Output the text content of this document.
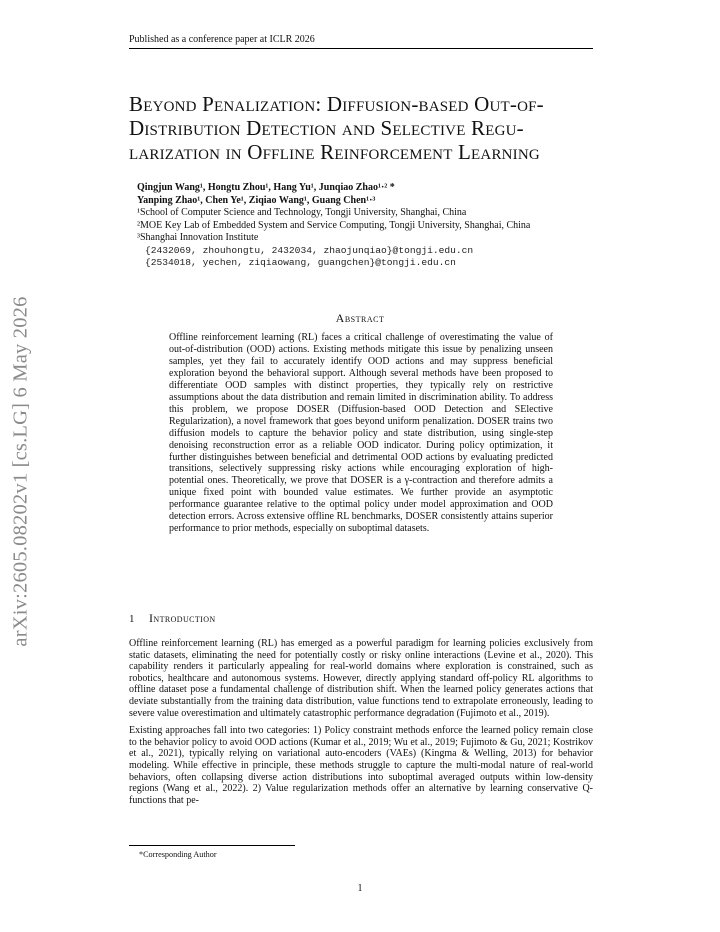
Published as a conference paper at ICLR 2026
arXiv:2605.08202v1 [cs.LG] 6 May 2026
Beyond Penalization: Diffusion-based Out-of-
Distribution Detection and Selective Regu-
larization in Offline Reinforcement Learning
Qingjun Wang¹, Hongtu Zhou¹, Hang Yu¹, Junqiao Zhao¹·² *
Yanping Zhao¹, Chen Ye¹, Ziqiao Wang¹, Guang Chen¹·³
¹School of Computer Science and Technology, Tongji University, Shanghai, China
²MOE Key Lab of Embedded System and Service Computing, Tongji University, Shanghai, China
³Shanghai Innovation Institute
{2432069, zhouhongtu, 2432034, zhaojunqiao}@tongji.edu.cn
{2534018, yechen, ziqiaowang, guangchen}@tongji.edu.cn
Abstract
Offline reinforcement learning (RL) faces a critical challenge of overestimating the value of out-of-distribution (OOD) actions. Existing methods mitigate this issue by penalizing unseen samples, yet they fail to accurately identify OOD actions and may suppress beneficial exploration beyond the behavioral support. Although several methods have been proposed to differentiate OOD samples with distinct properties, they typically rely on restrictive assumptions about the data distribution and remain limited in discrimination ability. To address this problem, we propose DOSER (Diffusion-based OOD Detection and SElective Regularization), a novel framework that goes beyond uniform penalization. DOSER trains two diffusion models to capture the behavior policy and state distribution, using single-step denoising reconstruction error as a reliable OOD indicator. During policy optimization, it further distinguishes between beneficial and detrimental OOD actions by evaluating predicted transitions, selectively suppressing risky actions while encouraging exploration of high-potential ones. Theoretically, we prove that DOSER is a γ-contraction and therefore admits a unique fixed point with bounded value estimates. We further provide an asymptotic performance guarantee relative to the optimal policy under model approximation and OOD detection errors. Across extensive offline RL benchmarks, DOSER consistently attains superior performance to prior methods, especially on suboptimal datasets.
1 Introduction

Offline reinforcement learning (RL) has emerged as a powerful paradigm for learning policies exclusively from static datasets, eliminating the need for potentially costly or risky online interactions (Levine et al., 2020). This capability renders it particularly appealing for real-world domains where exploration is constrained, such as robotics, healthcare and autonomous systems. However, directly applying standard off-policy RL algorithms to offline dataset pose a fundamental challenge of distribution shift. When the learned policy generates actions that deviate substantially from the training data distribution, value functions tend to extrapolate erroneously, leading to severe value overestimation and ultimately catastrophic performance degradation (Fujimoto et al., 2019).

Existing approaches fall into two categories: 1) Policy constraint methods enforce the learned policy remain close to the behavior policy to avoid OOD actions (Kumar et al., 2019; Wu et al., 2019; Fujimoto & Gu, 2021; Kostrikov et al., 2021), typically relying on variational auto-encoders (VAEs) (Kingma & Welling, 2013) for behavior modeling. While effective in principle, these methods struggle to capture the multi-modal nature of real-world behaviors, often collapsing diverse action distributions into suboptimal averaged outputs within low-density regions (Wang et al., 2022). 2) Value regularization methods offer an alternative by learning conservative Q-functions that pe-

*Corresponding Author
1
